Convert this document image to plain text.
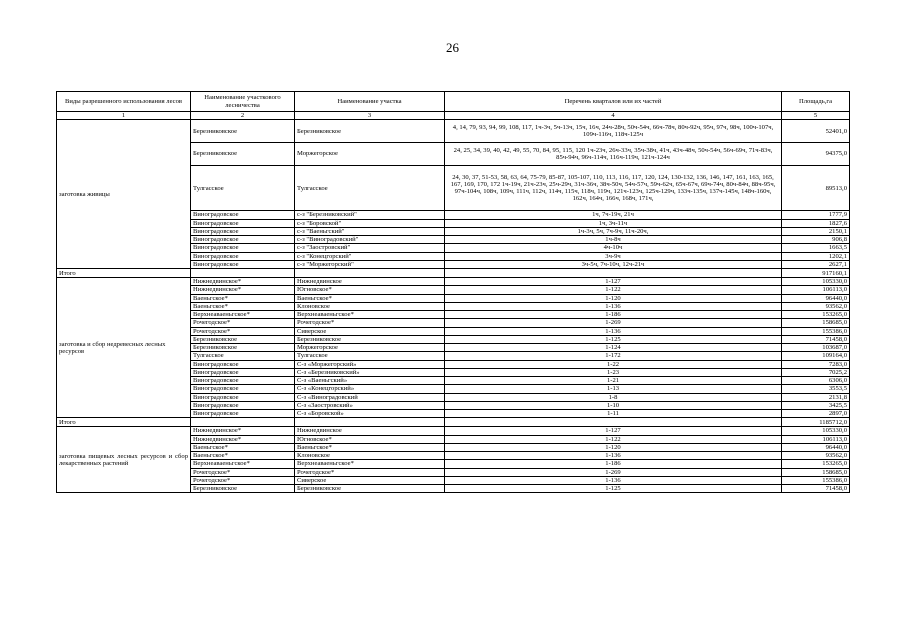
26
Виды разрешенного использования лесов	Наименование участкового лесничества	Наименование участка	Перечень кварталов или их частей	Площадь,га
1	2	3	4	5
заготовка живицы	Березниковское	Березниковское	4, 14, 79, 93, 94, 99, 108, 117, 1ч-3ч, 5ч-13ч, 15ч, 16ч, 24ч-28ч, 50ч-54ч, 66ч-78ч, 80ч-92ч, 95ч, 97ч, 98ч, 100ч-107ч, 109ч-116ч, 118ч-125ч	52401,0
	Березниковское	Моржегорское	24, 25, 34, 39, 40, 42, 49, 55, 70, 84, 95, 115, 120 1ч-23ч, 26ч-33ч, 35ч-38ч, 41ч, 43ч-48ч, 50ч-54ч, 56ч-69ч, 71ч-83ч, 85ч-94ч, 96ч-114ч, 116ч-119ч, 121ч-124ч	94375,0
	Тулгасское	Тулгасское	24, 30, 37, 51-53, 58, 63, 64, 75-79, 85-87, 105-107, 110, 113, 116, 117, 120, 124, 130-132, 136, 146, 147, 161, 163, 165, 167, 169, 170, 172 1ч-19ч, 21ч-23ч, 25ч-29ч, 31ч-36ч, 38ч-50ч, 54ч-57ч, 59ч-62ч, 65ч-67ч, 69ч-74ч, 80ч-84ч, 88ч-95ч, 97ч-104ч, 108ч, 109ч, 111ч, 112ч, 114ч, 115ч, 118ч, 119ч, 121ч-123ч, 125ч-129ч, 133ч-135ч, 137ч-145ч, 148ч-160ч, 162ч, 164ч, 166ч, 168ч, 171ч,	89513,0
	Виноградовское	с-з "Березниковский"	1ч, 7ч-19ч, 21ч	1777,9
	Виноградовское	с-з "Боровской"	1ч, 3ч-11ч	1827,6
	Виноградовское	с-з "Ваеньгский"	1ч-3ч, 5ч, 7ч-9ч, 11ч-20ч,	2150,1
	Виноградовское	с-з "Виноградовский"	1ч-8ч	906,8
	Виноградовское	с-з "Заостровский"	4ч-10ч	1663,5
	Виноградовское	с-з "Конецгорский"	3ч-9ч	1202,1
	Виноградовское	с-з "Моржегорский"	3ч-5ч, 7ч-10ч, 12ч-21ч	2627,1
Итого				917160,1
заготовка и сбор недревесных лесных ресурсов	Нижнедвинское*	Нижнедвинское	1-127	105330,0
	Нижнедвинское*	Югновское*	1-122	106113,0
	Ваеньгское*	Ваеньгское*	1-120	96440,0
	Ваеньгское*	Клоновское	1-136	93562,0
	Верхнеаваеньгское*	Верхнеаваеньгское*	1-186	153265,0
	Рочегодское*	Рочегодское*	1-269	158685,0
	Рочегодское*	Сиверское	1-136	155386,0
	Березниковское	Березниковское	1-125	71458,0
	Березниковское	Моржегорское	1-124	103687,0
	Тулгасское	Тулгасское	1-172	109164,0
	Виноградовское	С-з «Моржегорский»	1-22	7283,0
	Виноградовское	С-з «Березниковский»	1-23	7025,2
	Виноградовское	С-з «Ваеньгский»	1-21	6306,0
	Виноградовское	С-з «Конецгорский»	1-13	3553,5
	Виноградовское	С-з «Виноградовский	1-8	2131,8
	Виноградовское	С-з «Заостровский»	1-10	3425,5
	Виноградовское	С-з «Боровской»	1-11	2897,0
Итого				1185712,0
заготовка пищевых лесных ресурсов и сбор лекарственных растений	Нижнедвинское*	Нижнедвинское	1-127	105330,0
	Нижнедвинское*	Югновское*	1-122	106113,0
	Ваеньгское*	Ваеньгское*	1-120	96440,0
	Ваеньгское*	Клоновское	1-136	93562,0
	Верхнеаваеньгское*	Верхнеаваеньгское*	1-186	153265,0
	Рочегодское*	Рочегодское*	1-269	158685,0
	Рочегодское*	Сиверское	1-136	155386,0
	Березниковское	Березниковское	1-125	71458,0
